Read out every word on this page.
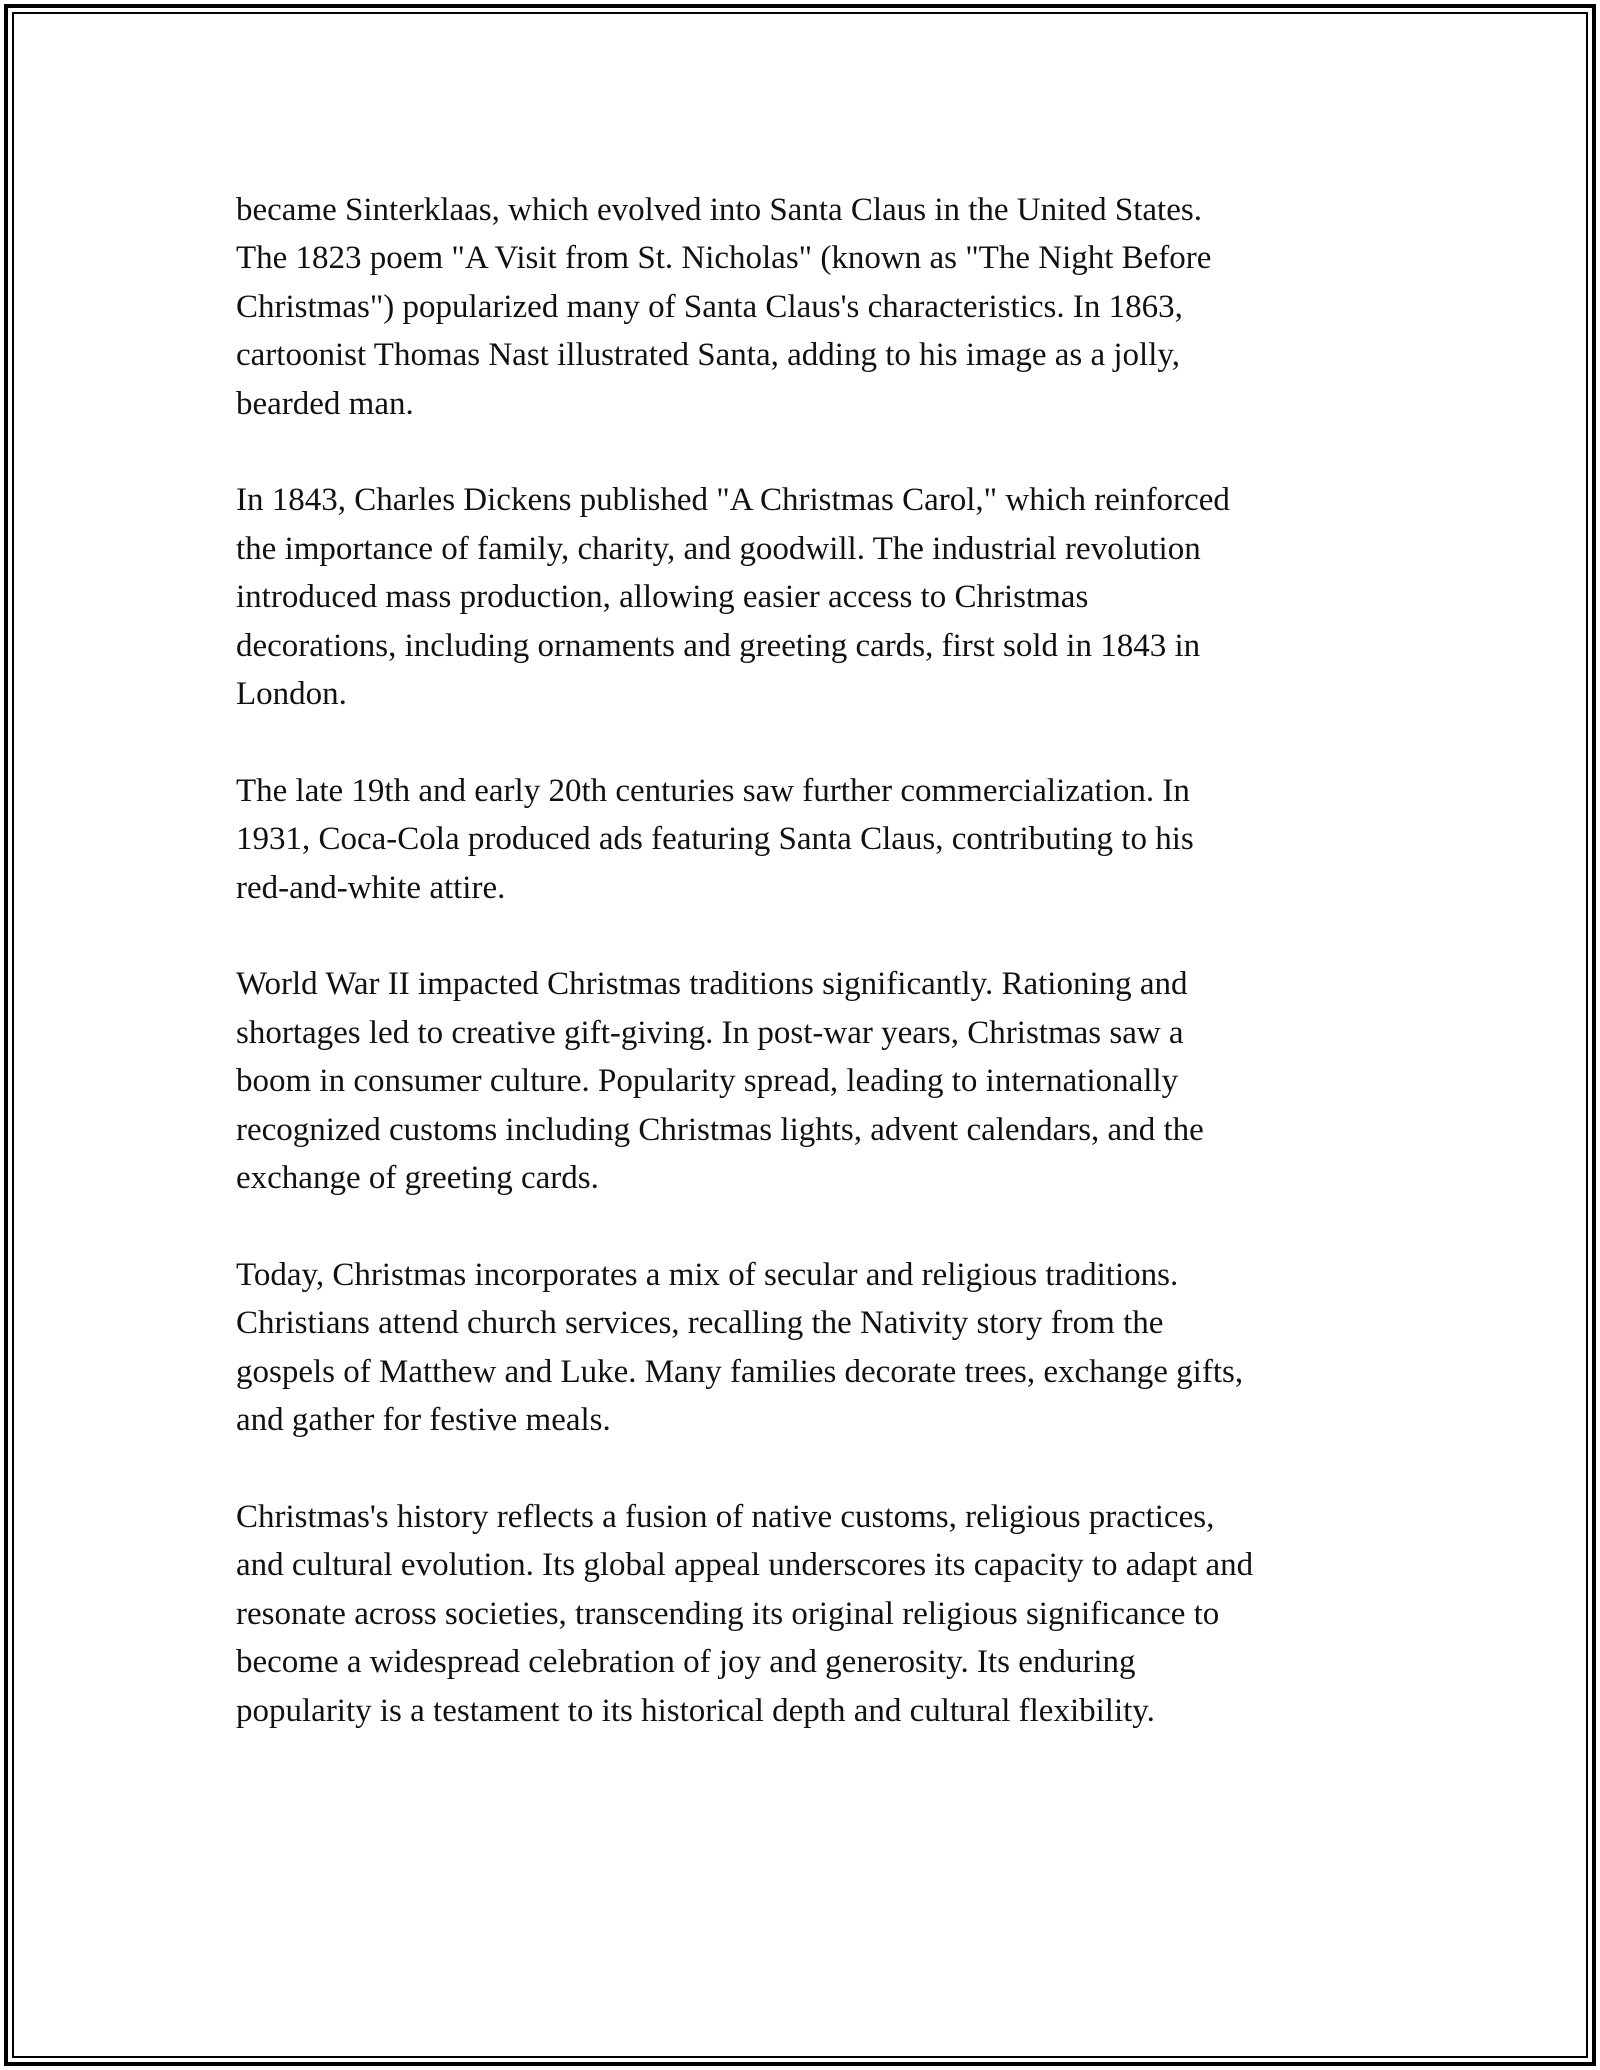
became Sinterklaas, which evolved into Santa Claus in the United States.
The 1823 poem "A Visit from St. Nicholas" (known as "The Night Before
Christmas") popularized many of Santa Claus's characteristics. In 1863,
cartoonist Thomas Nast illustrated Santa, adding to his image as a jolly,
bearded man.

In 1843, Charles Dickens published "A Christmas Carol," which reinforced
the importance of family, charity, and goodwill. The industrial revolution
introduced mass production, allowing easier access to Christmas
decorations, including ornaments and greeting cards, first sold in 1843 in
London.

The late 19th and early 20th centuries saw further commercialization. In
1931, Coca-Cola produced ads featuring Santa Claus, contributing to his
red-and-white attire.

World War II impacted Christmas traditions significantly. Rationing and
shortages led to creative gift-giving. In post-war years, Christmas saw a
boom in consumer culture. Popularity spread, leading to internationally
recognized customs including Christmas lights, advent calendars, and the
exchange of greeting cards.

Today, Christmas incorporates a mix of secular and religious traditions.
Christians attend church services, recalling the Nativity story from the
gospels of Matthew and Luke. Many families decorate trees, exchange gifts,
and gather for festive meals.

Christmas's history reflects a fusion of native customs, religious practices,
and cultural evolution. Its global appeal underscores its capacity to adapt and
resonate across societies, transcending its original religious significance to
become a widespread celebration of joy and generosity. Its enduring
popularity is a testament to its historical depth and cultural flexibility.
